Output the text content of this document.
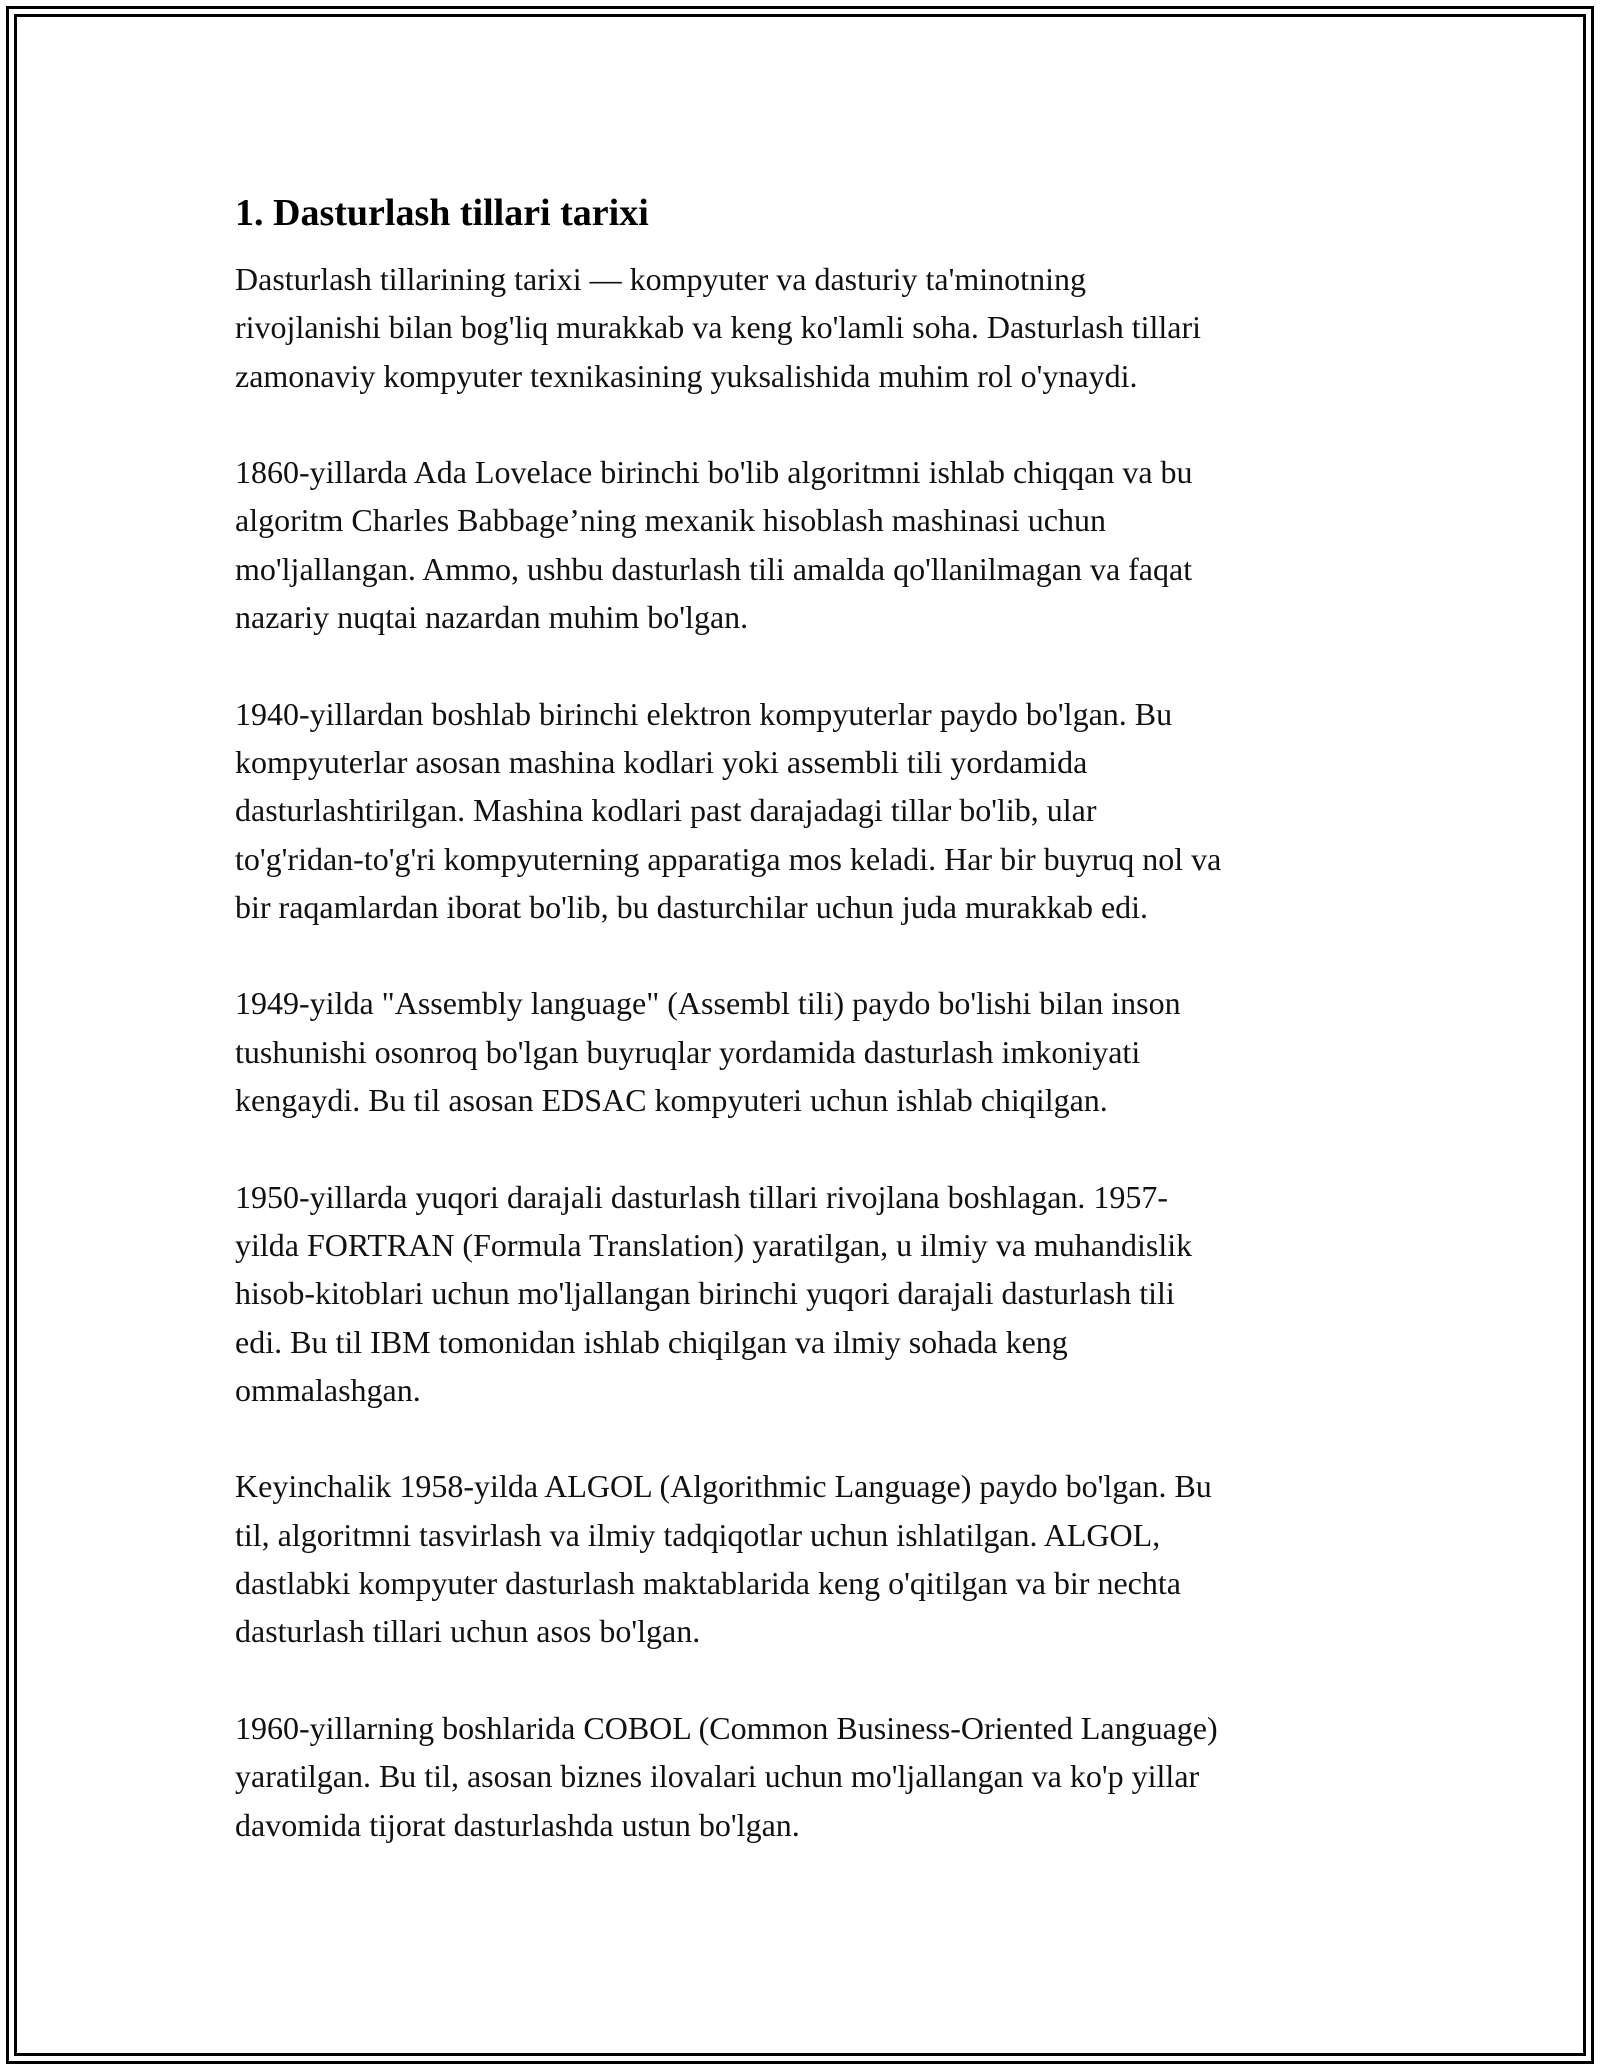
1. Dasturlash tillari tarixi

Dasturlash tillarining tarixi — kompyuter va dasturiy ta'minotning
rivojlanishi bilan bog'liq murakkab va keng ko'lamli soha. Dasturlash tillari
zamonaviy kompyuter texnikasining yuksalishida muhim rol o'ynaydi.

1860-yillarda Ada Lovelace birinchi bo'lib algoritmni ishlab chiqqan va bu
algoritm Charles Babbage’ning mexanik hisoblash mashinasi uchun
mo'ljallangan. Ammo, ushbu dasturlash tili amalda qo'llanilmagan va faqat
nazariy nuqtai nazardan muhim bo'lgan.

1940-yillardan boshlab birinchi elektron kompyuterlar paydo bo'lgan. Bu
kompyuterlar asosan mashina kodlari yoki assembli tili yordamida
dasturlashtirilgan. Mashina kodlari past darajadagi tillar bo'lib, ular
to'g'ridan-to'g'ri kompyuterning apparatiga mos keladi. Har bir buyruq nol va
bir raqamlardan iborat bo'lib, bu dasturchilar uchun juda murakkab edi.

1949-yilda "Assembly language" (Assembl tili) paydo bo'lishi bilan inson
tushunishi osonroq bo'lgan buyruqlar yordamida dasturlash imkoniyati
kengaydi. Bu til asosan EDSAC kompyuteri uchun ishlab chiqilgan.

1950-yillarda yuqori darajali dasturlash tillari rivojlana boshlagan. 1957-
yilda FORTRAN (Formula Translation) yaratilgan, u ilmiy va muhandislik
hisob-kitoblari uchun mo'ljallangan birinchi yuqori darajali dasturlash tili
edi. Bu til IBM tomonidan ishlab chiqilgan va ilmiy sohada keng
ommalashgan.

Keyinchalik 1958-yilda ALGOL (Algorithmic Language) paydo bo'lgan. Bu
til, algoritmni tasvirlash va ilmiy tadqiqotlar uchun ishlatilgan. ALGOL,
dastlabki kompyuter dasturlash maktablarida keng o'qitilgan va bir nechta
dasturlash tillari uchun asos bo'lgan.

1960-yillarning boshlarida COBOL (Common Business-Oriented Language)
yaratilgan. Bu til, asosan biznes ilovalari uchun mo'ljallangan va ko'p yillar
davomida tijorat dasturlashda ustun bo'lgan.
